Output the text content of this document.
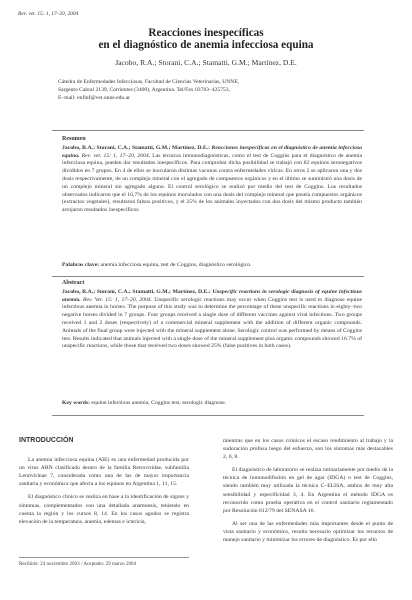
Rev. vet. 15: 1, 17–20, 2004
Reacciones inespecíficas
en el diagnóstico de anemia infecciosa equina
Jacobo, R.A.; Storani, C.A.; Stamatti, G.M.; Martínez, D.E.
Cátedra de Enfermedades Infecciosas, Facultad de Ciencias Veterinarias, UNNE,
Sargento Cabral 2139, Corrientes (3400), Argentina. Tel/Fax 03783–425753,
E–mail: enfinf@vet.unne.edu.ar
Resumen

Jacobo, R.A.; Storani, C.A.; Stamatti, G.M.; Martínez, D.E.: Reacciones inespecíficas en el diagnóstico de anemia infecciosa equina. Rev. vet. 15: 1, 17–20, 2004. Las técnicas inmunodiagnósticas, como el test de Coggins para el diagnóstico de anemia infecciosa equina, pueden dar resultados inespecíficos. Para comprobar dicha posibilidad se trabajó con 82 equinos seronegativos divididos en 7 grupos. En 4 de ellos se inocularon distintas vacunas contra enfermedades víricas. En otros 2 se aplicaron una y dos dosis respectivamente, de un complejo mineral con el agregado de compuestos orgánicos y en el último se suministró una dosis de un complejo mineral sin agregado alguno. El control serológico se realizó por medio del test de Coggins. Los resultados observados indicaron que el 16,7% de los equinos inoculados con una dosis del complejo mineral que poseía compuestos orgánicos (extractos vegetales), resultaron falsos positivos, y el 25% de los animales inyectados con dos dosis del mismo producto también arrojaron resultados inespecíficos.

Palabras clave: anemia infecciosa equina, test de Coggins, diagnóstico serológico.
Abstract

Jacobo, R.A.; Storani, C.A.; Stamatti, G.M.; Martínez, D.E.: Unspecific reactions in serologic diagnosis of equine infectious anemia. Rev. Vet. 15: 1, 17–20, 2004. Unspecific serologic reactions may occur when Coggins test is used to diagnose equine infectious anemia in horses. The purpose of this study was to determine the percentage of these unspecific reactions in eighty–two negative horses divided in 7 groups. Four groups received a single dose of different vaccines against viral infections. Two groups received 1 and 2 doses (respectively) of a commercial mineral supplement with the addition of different organic compounds. Animals of the final group were injected with the mineral supplement alone. Serologic control was performed by means of Coggins test. Results indicated that animals injected with a single dose of the mineral supplement plus organic compounds showed 16.7% of unspecific reactions, while those that received two doses showed 25% (false positives in both cases).

Key words: equine infectious anemia, Coggins test, serologic diagnose.
INTRODUCCIÓN

La anemia infecciosa equina (AIE) es una enfermedad producida por un virus ARN clasificado dentro de la familia Retroviridae, subfamilia Lentivirinae 7, considerada como una de las de mayor importancia sanitaria y económica que afecta a los equinos en Argentina 1, 11, 15.

El diagnóstico clínico se realiza en base a la identificación de signos y síntomas, complementados con una detallada anamnesis, teniendo en cuenta la región y los cursos 8, 14. En los casos agudos se registra elevación de la temperatura, anemia, edemas e ictericia,

mientras que en los casos crónicos el escaso rendimiento al trabajo y la sudoración profusa luego del esfuerzo, son los síntomas más destacables 2, 6, 8.

El diagnóstico de laboratorio se realiza rutinariamente por medio de la técnica de inmunodifusión en gel de agar (IDGA) o test de Coggins, siendo también muy utilizada la técnica C–ELISA, ambos de muy alta sensibilidad y especificidad 3, 4. En Argentina el método IDGA es reconocido como prueba operativa en el control sanitario reglamentado por Resolución 812/79 del SENASA 16.

Al ser una de las enfermedades más importantes desde el punto de vista sanitario y económico, resulta necesario optimizar los recursos de manejo sanitario y minimizar los errores de diagnóstico. Es por ello

Recibido: 24 noviembre 2003 / Aceptado: 29 marzo 2004
